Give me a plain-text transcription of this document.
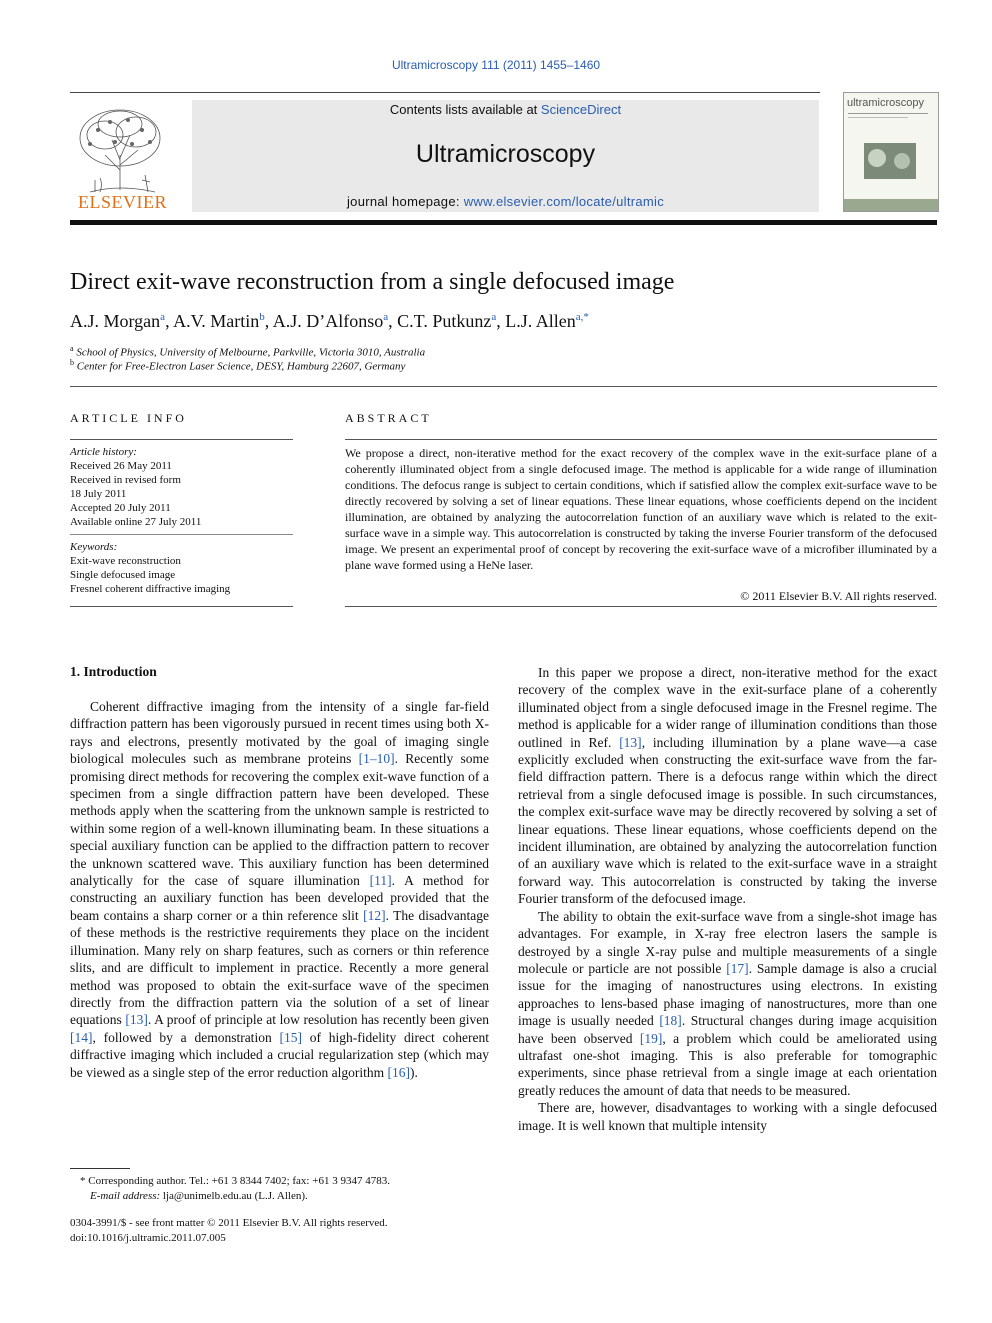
Ultramicroscopy 111 (2011) 1455–1460
ELSEVIER
Contents lists available at ScienceDirect
Ultramicroscopy
journal homepage: www.elsevier.com/locate/ultramic
ultramicroscopy
Direct exit-wave reconstruction from a single defocused image
A.J. Morgan$^a$, A.V. Martin$^b$, A.J. D’Alfonso$^a$, C.T. Putkunz$^a$, L.J. Allen$^{a,*}$
$^a$ School of Physics, University of Melbourne, Parkville, Victoria 3010, Australia
$^b$ Center for Free-Electron Laser Science, DESY, Hamburg 22607, Germany
ARTICLE INFO
Article history:
Received 26 May 2011
Received in revised form
18 July 2011
Accepted 20 July 2011
Available online 27 July 2011
Keywords:
Exit-wave reconstruction
Single defocused image
Fresnel coherent diffractive imaging
ABSTRACT
We propose a direct, non-iterative method for the exact recovery of the complex wave in the exit-surface plane of a coherently illuminated object from a single defocused image. The method is applicable for a wide range of illumination conditions. The defocus range is subject to certain conditions, which if satisfied allow the complex exit-surface wave to be directly recovered by solving a set of linear equations. These linear equations, whose coefficients depend on the incident illumination, are obtained by analyzing the autocorrelation function of an auxiliary wave which is related to the exit-surface wave in a simple way. This autocorrelation is constructed by taking the inverse Fourier transform of the defocused image. We present an experimental proof of concept by recovering the exit-surface wave of a microfiber illuminated by a plane wave formed using a HeNe laser.
© 2011 Elsevier B.V. All rights reserved.
1. Introduction

Coherent diffractive imaging from the intensity of a single far-field diffraction pattern has been vigorously pursued in recent times using both X-rays and electrons, presently motivated by the goal of imaging single biological molecules such as membrane proteins [1–10]. Recently some promising direct methods for recovering the complex exit-wave function of a specimen from a single diffraction pattern have been developed. These methods apply when the scattering from the unknown sample is restricted to within some region of a well-known illuminating beam. In these situations a special auxiliary function can be applied to the diffraction pattern to recover the unknown scattered wave. This auxiliary function has been determined analytically for the case of square illumination [11]. A method for constructing an auxiliary function has been developed provided that the beam contains a sharp corner or a thin reference slit [12]. The disadvantage of these methods is the restrictive requirements they place on the incident illumination. Many rely on sharp features, such as corners or thin reference slits, and are difficult to implement in practice. Recently a more general method was proposed to obtain the exit-surface wave of the specimen directly from the diffraction pattern via the solution of a set of linear equations [13]. A proof of principle at low resolution has recently been given [14], followed by a demonstration [15] of high-fidelity direct coherent diffractive imaging which included a crucial regularization step (which may be viewed as a single step of the error reduction algorithm [16]).

In this paper we propose a direct, non-iterative method for the exact recovery of the complex wave in the exit-surface plane of a coherently illuminated object from a single defocused image in the Fresnel regime. The method is applicable for a wider range of illumination conditions than those outlined in Ref. [13], including illumination by a plane wave—a case explicitly excluded when constructing the exit-surface wave from the far-field diffraction pattern. There is a defocus range within which the direct retrieval from a single defocused image is possible. In such circumstances, the complex exit-surface wave may be directly recovered by solving a set of linear equations. These linear equations, whose coefficients depend on the incident illumination, are obtained by analyzing the autocorrelation function of an auxiliary wave which is related to the exit-surface wave in a straight forward way. This autocorrelation is constructed by taking the inverse Fourier transform of the defocused image.

The ability to obtain the exit-surface wave from a single-shot image has advantages. For example, in X-ray free electron lasers the sample is destroyed by a single X-ray pulse and multiple measurements of a single molecule or particle are not possible [17]. Sample damage is also a crucial issue for the imaging of nanostructures using electrons. In existing approaches to lens-based phase imaging of nanostructures, more than one image is usually needed [18]. Structural changes during image acquisition have been observed [19], a problem which could be ameliorated using ultrafast one-shot imaging. This is also preferable for tomographic experiments, since phase retrieval from a single image at each orientation greatly reduces the amount of data that needs to be measured.

There are, however, disadvantages to working with a single defocused image. It is well known that multiple intensity

* Corresponding author. Tel.: +61 3 8344 7402; fax: +61 3 9347 4783.
E-mail address: lja@unimelb.edu.au (L.J. Allen).
0304-3991/$ - see front matter © 2011 Elsevier B.V. All rights reserved.
doi:10.1016/j.ultramic.2011.07.005
